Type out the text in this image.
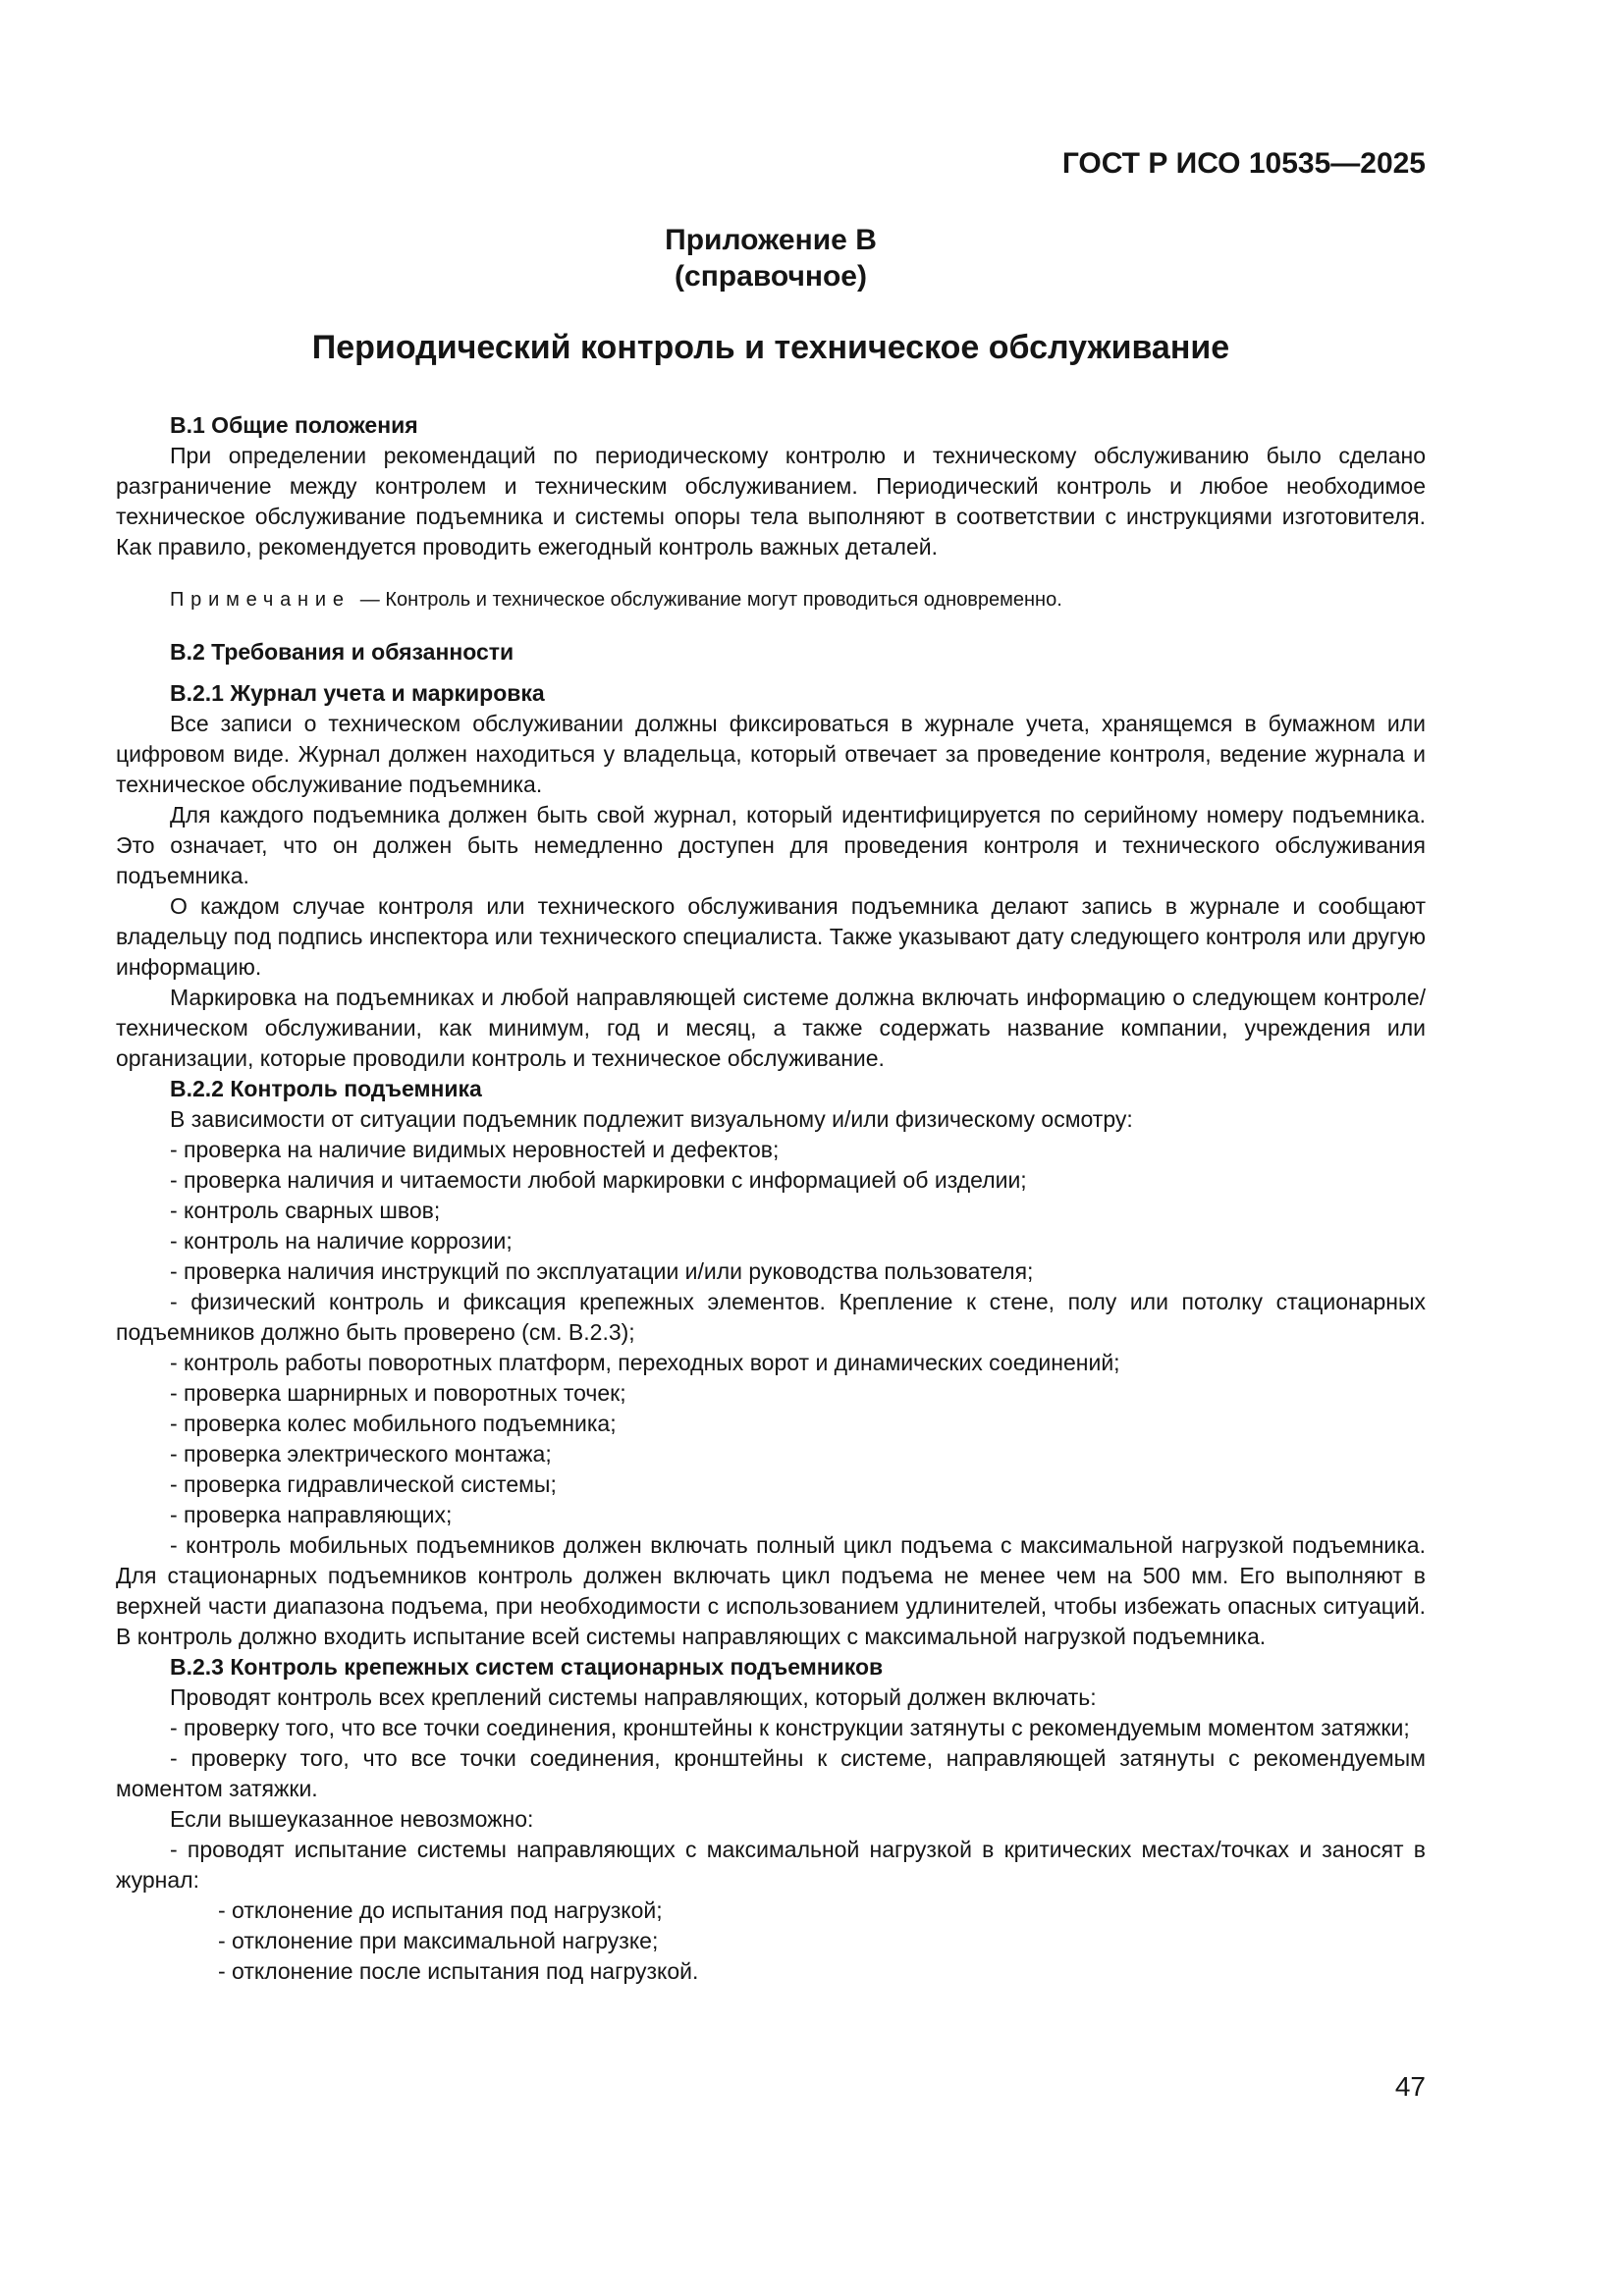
ГОСТ Р ИСО 10535—2025
Приложение В
(справочное)
Периодический контроль и техническое обслуживание
В.1 Общие положения

При определении рекомендаций по периодическому контролю и техническому обслуживанию было сделано разграничение между контролем и техническим обслуживанием. Периодический контроль и любое необходимое техническое обслуживание подъемника и системы опоры тела выполняют в соответствии с инструкциями изготовителя. Как правило, рекомендуется проводить ежегодный контроль важных деталей.

Примечание — Контроль и техническое обслуживание могут проводиться одновременно.

В.2 Требования и обязанности
В.2.1 Журнал учета и маркировка

Все записи о техническом обслуживании должны фиксироваться в журнале учета, хранящемся в бумажном или цифровом виде. Журнал должен находиться у владельца, который отвечает за проведение контроля, ведение журнала и техническое обслуживание подъемника.

Для каждого подъемника должен быть свой журнал, который идентифицируется по серийному номеру подъемника. Это означает, что он должен быть немедленно доступен для проведения контроля и технического обслуживания подъемника.

О каждом случае контроля или технического обслуживания подъемника делают запись в журнале и сообщают владельцу под подпись инспектора или технического специалиста. Также указывают дату следующего контроля или другую информацию.

Маркировка на подъемниках и любой направляющей системе должна включать информацию о следующем контроле/техническом обслуживании, как минимум, год и месяц, а также содержать название компании, учреждения или организации, которые проводили контроль и техническое обслуживание.

В.2.2 Контроль подъемника

В зависимости от ситуации подъемник подлежит визуальному и/или физическому осмотру:

- проверка на наличие видимых неровностей и дефектов;

- проверка наличия и читаемости любой маркировки с информацией об изделии;

- контроль сварных швов;

- контроль на наличие коррозии;

- проверка наличия инструкций по эксплуатации и/или руководства пользователя;

- физический контроль и фиксация крепежных элементов. Крепление к стене, полу или потолку стационарных подъемников должно быть проверено (см. В.2.3);

- контроль работы поворотных платформ, переходных ворот и динамических соединений;

- проверка шарнирных и поворотных точек;

- проверка колес мобильного подъемника;

- проверка электрического монтажа;

- проверка гидравлической системы;

- проверка направляющих;

- контроль мобильных подъемников должен включать полный цикл подъема с максимальной нагрузкой подъемника. Для стационарных подъемников контроль должен включать цикл подъема не менее чем на 500 мм. Его выполняют в верхней части диапазона подъема, при необходимости с использованием удлинителей, чтобы избежать опасных ситуаций. В контроль должно входить испытание всей системы направляющих с максимальной нагрузкой подъемника.

В.2.3 Контроль крепежных систем стационарных подъемников

Проводят контроль всех креплений системы направляющих, который должен включать:

- проверку того, что все точки соединения, кронштейны к конструкции затянуты с рекомендуемым моментом затяжки;

- проверку того, что все точки соединения, кронштейны к системе, направляющей затянуты с рекомендуемым моментом затяжки.

Если вышеуказанное невозможно:

- проводят испытание системы направляющих с максимальной нагрузкой в критических местах/точках и заносят в журнал:

- отклонение до испытания под нагрузкой;

- отклонение при максимальной нагрузке;

- отклонение после испытания под нагрузкой.

47
